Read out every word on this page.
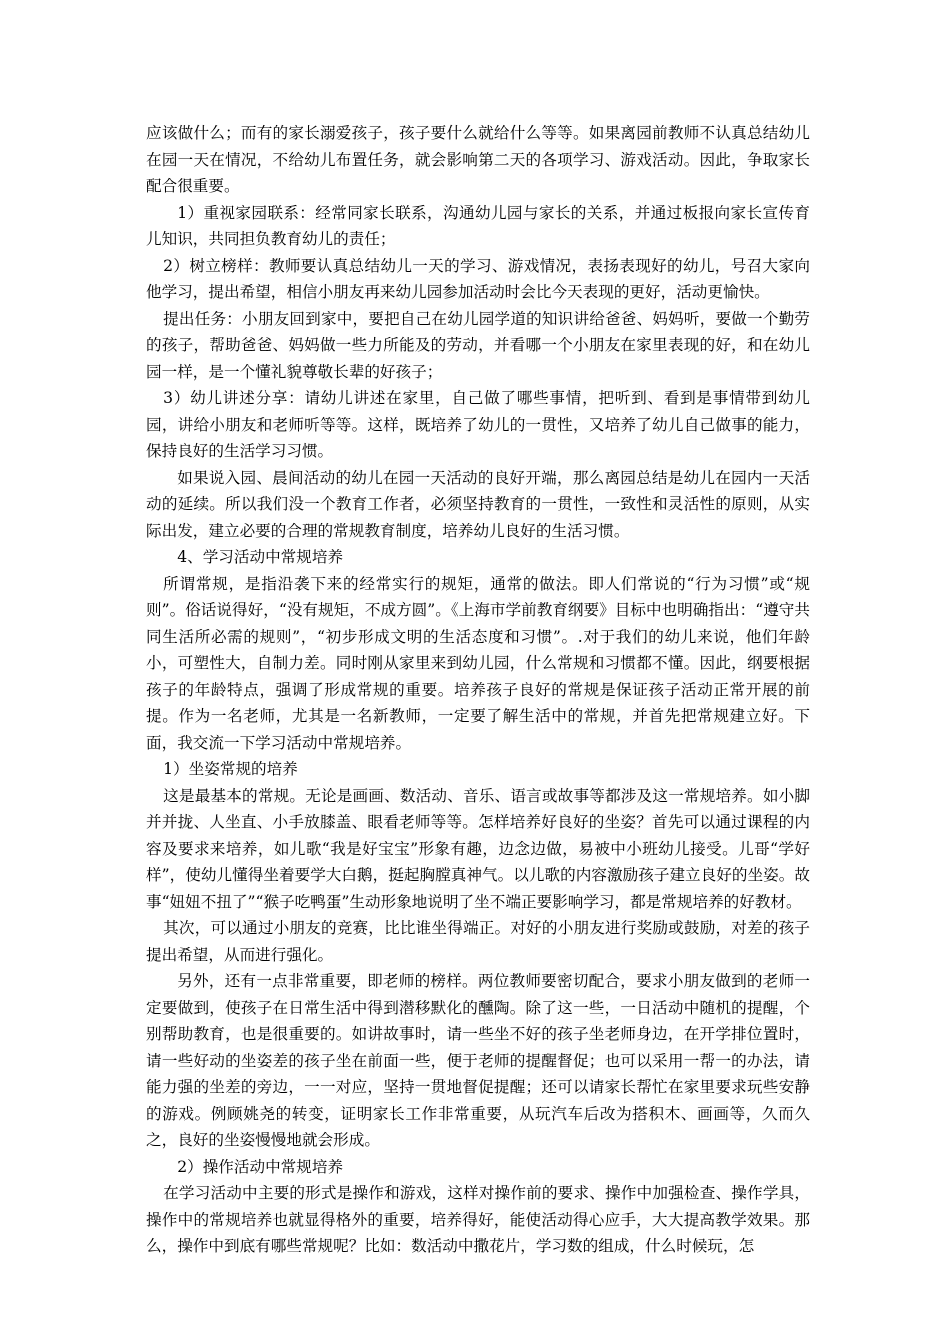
应该做什么；而有的家长溺爱孩子，孩子要什么就给什么等等。如果离园前教师不认真总结幼儿在园一天在情况，不给幼儿布置任务，就会影响第二天的各项学习、游戏活动。因此，争取家长配合很重要。

1）重视家园联系：经常同家长联系，沟通幼儿园与家长的关系，并通过板报向家长宣传育儿知识，共同担负教育幼儿的责任；

2）树立榜样：教师要认真总结幼儿一天的学习、游戏情况，表扬表现好的幼儿，号召大家向他学习，提出希望，相信小朋友再来幼儿园参加活动时会比今天表现的更好，活动更愉快。

提出任务：小朋友回到家中，要把自己在幼儿园学道的知识讲给爸爸、妈妈听，要做一个勤劳的孩子，帮助爸爸、妈妈做一些力所能及的劳动，并看哪一个小朋友在家里表现的好，和在幼儿园一样，是一个懂礼貌尊敬长辈的好孩子；

3）幼儿讲述分享：请幼儿讲述在家里，自己做了哪些事情，把听到、看到是事情带到幼儿园，讲给小朋友和老师听等等。这样，既培养了幼儿的一贯性，又培养了幼儿自己做事的能力，保持良好的生活学习习惯。

如果说入园、晨间活动的幼儿在园一天活动的良好开端，那么离园总结是幼儿在园内一天活动的延续。所以我们没一个教育工作者，必须坚持教育的一贯性，一致性和灵活性的原则，从实际出发，建立必要的合理的常规教育制度，培养幼儿良好的生活习惯。

4、学习活动中常规培养

所谓常规，是指沿袭下来的经常实行的规矩，通常的做法。即人们常说的“行为习惯”或“规则”。俗话说得好，“没有规矩，不成方圆”。《上海市学前教育纲要》目标中也明确指出：“遵守共同生活所必需的规则”，“初步形成文明的生活态度和习惯”。.对于我们的幼儿来说，他们年龄小，可塑性大，自制力差。同时刚从家里来到幼儿园，什么常规和习惯都不懂。因此，纲要根据孩子的年龄特点，强调了形成常规的重要。培养孩子良好的常规是保证孩子活动正常开展的前提。作为一名老师，尤其是一名新教师，一定要了解生活中的常规，并首先把常规建立好。下面，我交流一下学习活动中常规培养。

1）坐姿常规的培养

这是最基本的常规。无论是画画、数活动、音乐、语言或故事等都涉及这一常规培养。如小脚并并拢、人坐直、小手放膝盖、眼看老师等等。怎样培养好良好的坐姿？首先可以通过课程的内容及要求来培养，如儿歌“我是好宝宝”形象有趣，边念边做，易被中小班幼儿接受。儿哥“学好样”，使幼儿懂得坐着要学大白鹅，挺起胸膛真神气。以儿歌的内容激励孩子建立良好的坐姿。故事“妞妞不扭了”“猴子吃鸭蛋”生动形象地说明了坐不端正要影响学习，都是常规培养的好教材。

其次，可以通过小朋友的竞赛，比比谁坐得端正。对好的小朋友进行奖励或鼓励，对差的孩子提出希望，从而进行强化。

另外，还有一点非常重要，即老师的榜样。两位教师要密切配合，要求小朋友做到的老师一定要做到，使孩子在日常生活中得到潜移默化的醺陶。除了这一些，一日活动中随机的提醒，个别帮助教育，也是很重要的。如讲故事时，请一些坐不好的孩子坐老师身边，在开学排位置时，请一些好动的坐姿差的孩子坐在前面一些，便于老师的提醒督促；也可以采用一帮一的办法，请能力强的坐差的旁边，一一对应，坚持一贯地督促提醒；还可以请家长帮忙在家里要求玩些安静的游戏。例顾姚尧的转变，证明家长工作非常重要，从玩汽车后改为搭积木、画画等，久而久之，良好的坐姿慢慢地就会形成。

2）操作活动中常规培养

在学习活动中主要的形式是操作和游戏，这样对操作前的要求、操作中加强检查、操作学具，操作中的常规培养也就显得格外的重要，培养得好，能使活动得心应手，大大提高教学效果。那么，操作中到底有哪些常规呢？比如：数活动中撒花片，学习数的组成，什么时候玩，怎
